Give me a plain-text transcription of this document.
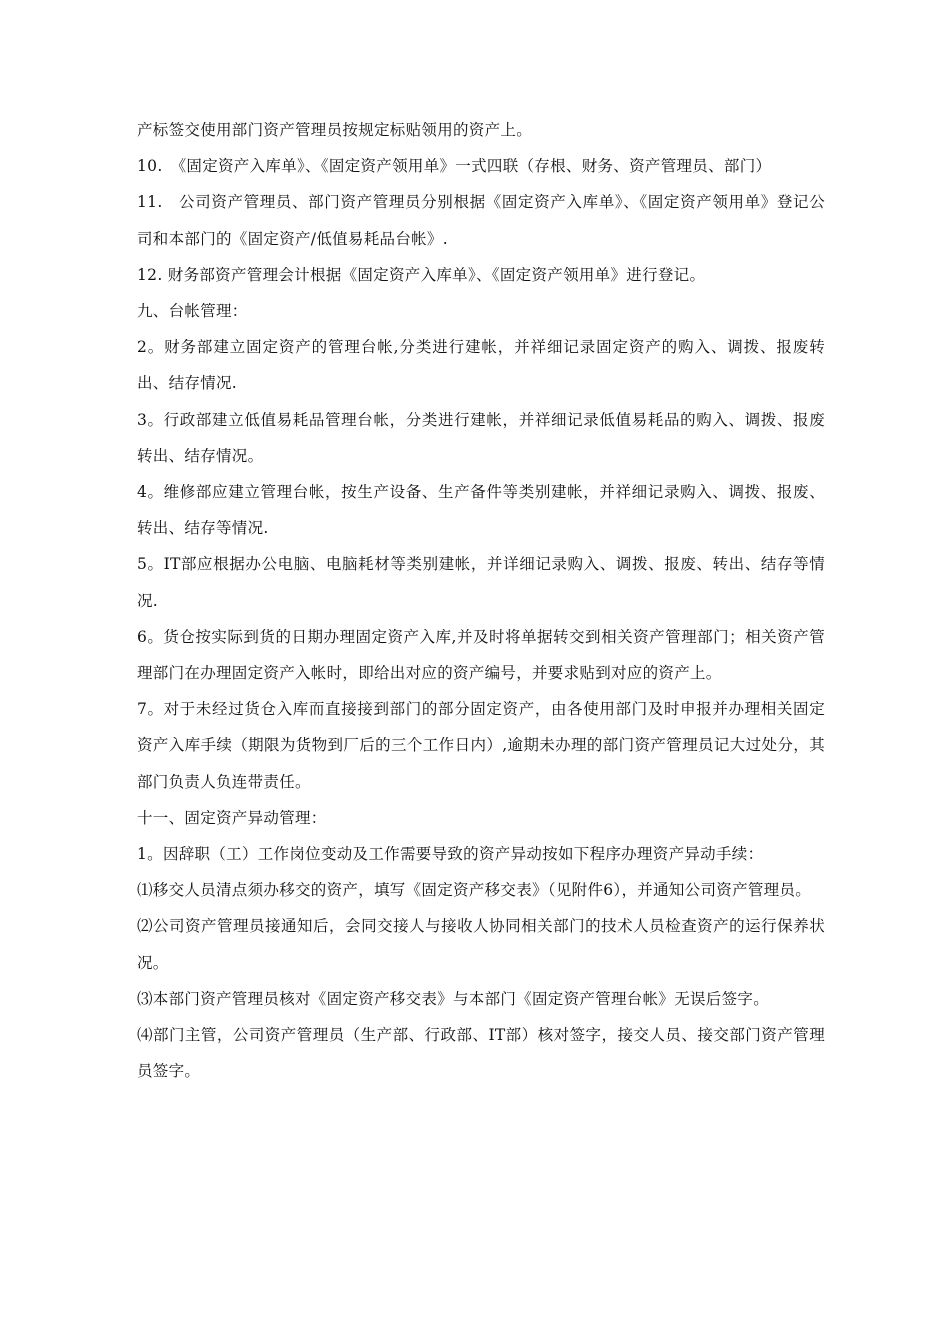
产标签交使用部门资产管理员按规定标贴领用的资产上。

10.　《固定资产入库单》、《固定资产领用单》一式四联（存根、财务、资产管理员、部门）

11.　公司资产管理员、部门资产管理员分别根据《固定资产入库单》、《固定资产领用单》登记公司和本部门的《固定资产/低值易耗品台帐》.

12. 财务部资产管理会计根据《固定资产入库单》、《固定资产领用单》进行登记。

九、台帐管理：

2。财务部建立固定资产的管理台帐,分类进行建帐，并祥细记录固定资产的购入、调拨、报废转出、结存情况.

3。行政部建立低值易耗品管理台帐，分类进行建帐，并祥细记录低值易耗品的购入、调拨、报废转出、结存情况。

4。维修部应建立管理台帐，按生产设备、生产备件等类别建帐，并祥细记录购入、调拨、报废、转出、结存等情况.

5。IT部应根据办公电脑、电脑耗材等类别建帐，并详细记录购入、调拨、报废、转出、结存等情况.

6。货仓按实际到货的日期办理固定资产入库,并及时将单据转交到相关资产管理部门；相关资产管理部门在办理固定资产入帐时，即给出对应的资产编号，并要求贴到对应的资产上。

7。对于未经过货仓入库而直接接到部门的部分固定资产，由各使用部门及时申报并办理相关固定资产入库手续（期限为货物到厂后的三个工作日内）,逾期未办理的部门资产管理员记大过处分，其部门负责人负连带责任。

十一、固定资产异动管理：

1。因辞职（工）工作岗位变动及工作需要导致的资产异动按如下程序办理资产异动手续：

⑴移交人员清点须办移交的资产，填写《固定资产移交表》（见附件6），并通知公司资产管理员。

⑵公司资产管理员接通知后，会同交接人与接收人协同相关部门的技术人员检查资产的运行保养状况。

⑶本部门资产管理员核对《固定资产移交表》与本部门《固定资产管理台帐》无误后签字。

⑷部门主管，公司资产管理员（生产部、行政部、IT部）核对签字，接交人员、接交部门资产管理员签字。
